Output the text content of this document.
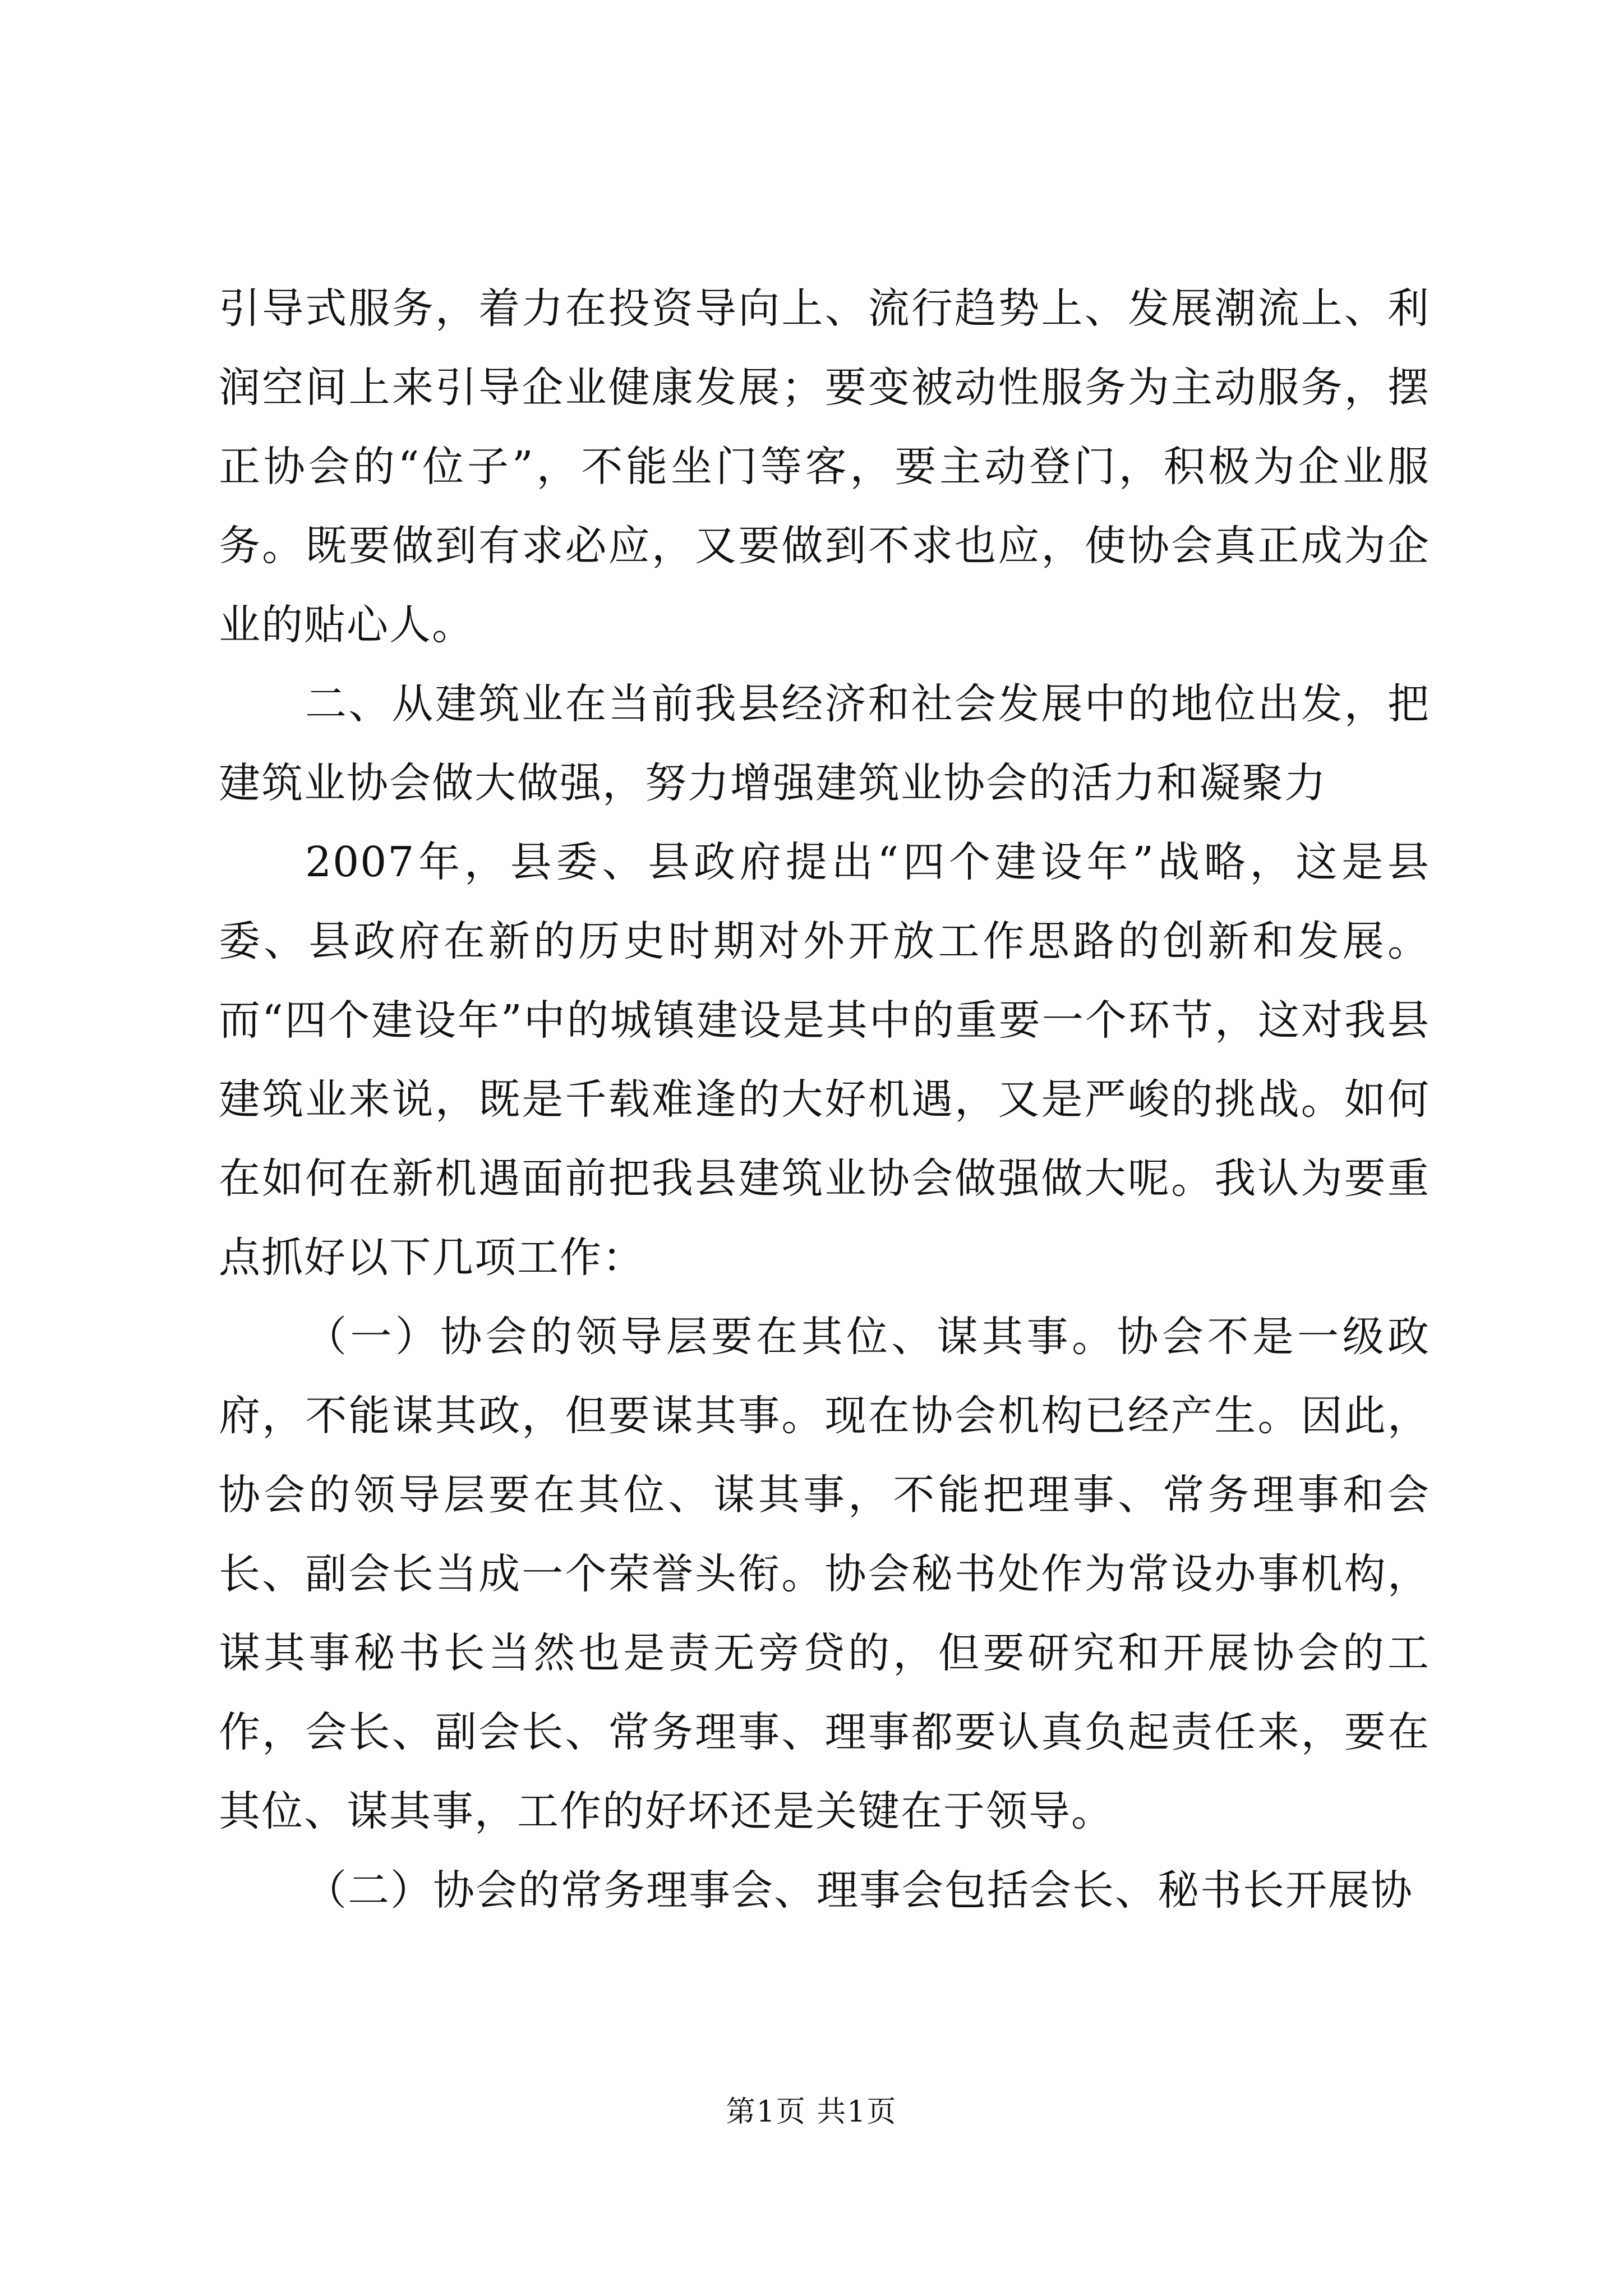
引导式服务，着力在投资导向上、流行趋势上、发展潮流上、利润空间上来引导企业健康发展；要变被动性服务为主动服务，摆正协会的“位子”，不能坐门等客，要主动登门，积极为企业服务。既要做到有求必应，又要做到不求也应，使协会真正成为企业的贴心人。

二、从建筑业在当前我县经济和社会发展中的地位出发，把建筑业协会做大做强，努力增强建筑业协会的活力和凝聚力

2007年，县委、县政府提出“四个建设年”战略，这是县委、县政府在新的历史时期对外开放工作思路的创新和发展。而“四个建设年”中的城镇建设是其中的重要一个环节，这对我县建筑业来说，既是千载难逢的大好机遇，又是严峻的挑战。如何在如何在新机遇面前把我县建筑业协会做强做大呢。我认为要重点抓好以下几项工作：

（一）协会的领导层要在其位、谋其事。协会不是一级政府，不能谋其政，但要谋其事。现在协会机构已经产生。因此，协会的领导层要在其位、谋其事，不能把理事、常务理事和会长、副会长当成一个荣誉头衔。协会秘书处作为常设办事机构，谋其事秘书长当然也是责无旁贷的，但要研究和开展协会的工作，会长、副会长、常务理事、理事都要认真负起责任来，要在其位、谋其事，工作的好坏还是关键在于领导。

（二）协会的常务理事会、理事会包括会长、秘书长开展协

第1页 共1页
